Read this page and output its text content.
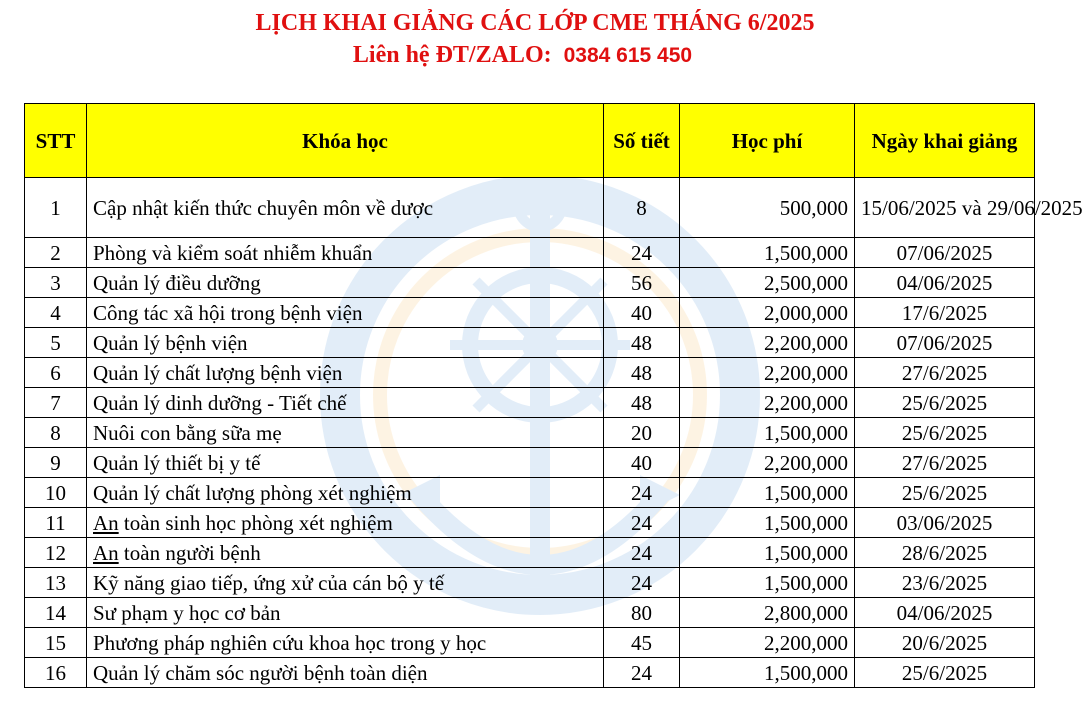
LỊCH KHAI GIẢNG CÁC LỚP CME THÁNG 6/2025
Liên hệ ĐT/ZALO: 0384 615 450
STT	Khóa học	Số tiết	Học phí	Ngày khai giảng
1	Cập nhật kiến thức chuyên môn về dược	8	500,000	15/06/2025 và 29/06/2025
2	Phòng và kiểm soát nhiễm khuẩn	24	1,500,000	07/06/2025
3	Quản lý điều dưỡng	56	2,500,000	04/06/2025
4	Công tác xã hội trong bệnh viện	40	2,000,000	17/6/2025
5	Quản lý bệnh viện	48	2,200,000	07/06/2025
6	Quản lý chất lượng bệnh viện	48	2,200,000	27/6/2025
7	Quản lý dinh dưỡng - Tiết chế	48	2,200,000	25/6/2025
8	Nuôi con bằng sữa mẹ	20	1,500,000	25/6/2025
9	Quản lý thiết bị y tế	40	2,200,000	27/6/2025
10	Quản lý chất lượng phòng xét nghiệm	24	1,500,000	25/6/2025
11	An toàn sinh học phòng xét nghiệm	24	1,500,000	03/06/2025
12	An toàn người bệnh	24	1,500,000	28/6/2025
13	Kỹ năng giao tiếp, ứng xử của cán bộ y tế	24	1,500,000	23/6/2025
14	Sư phạm y học cơ bản	80	2,800,000	04/06/2025
15	Phương pháp nghiên cứu khoa học trong y học	45	2,200,000	20/6/2025
16	Quản lý chăm sóc người bệnh toàn diện	24	1,500,000	25/6/2025
